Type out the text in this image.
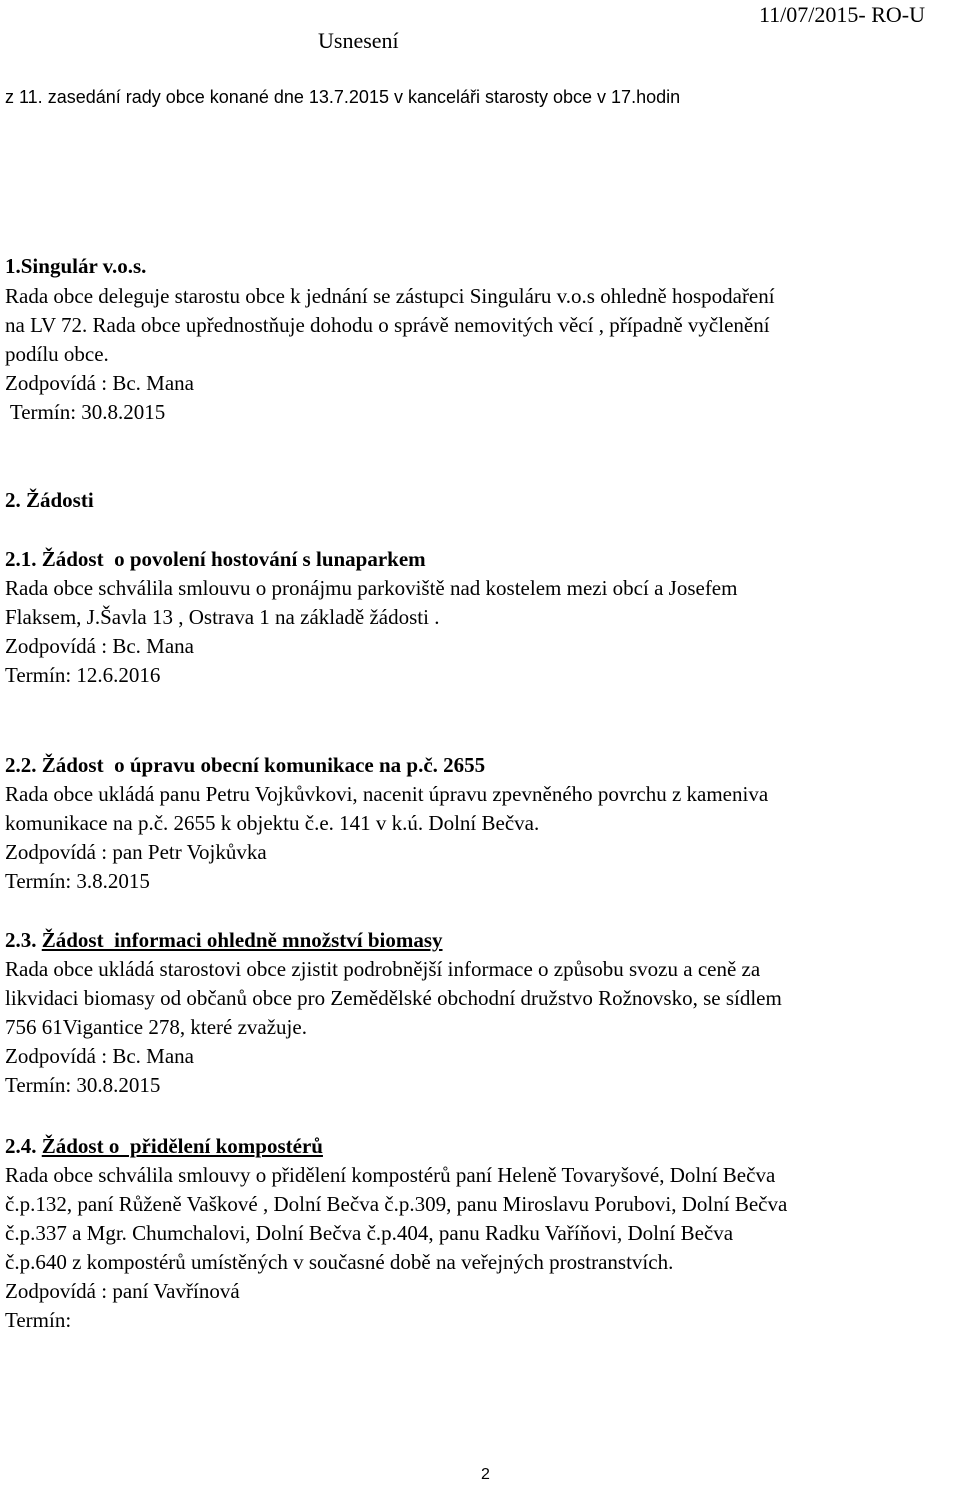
Usnesení
11/07/2015- RO-U
z 11. zasedání rady obce konané dne 13.7.2015 v kanceláři starosty obce v 17.hodin
1.Singulár v.o.s.
Rada obce deleguje starostu obce k jednání se zástupci Singuláru v.o.s ohledně hospodaření
na LV 72. Rada obce upřednostňuje dohodu o správě nemovitých věcí , případně vyčlenění
podílu obce.
Zodpovídá : Bc. Mana
Termín: 30.8.2015
2. Žádosti
2.1. Žádost  o povolení hostování s lunaparkem
Rada obce schválila smlouvu o pronájmu parkoviště nad kostelem mezi obcí a Josefem
Flaksem, J.Šavla 13 , Ostrava 1 na základě žádosti .
Zodpovídá : Bc. Mana
Termín: 12.6.2016
2.2. Žádost  o úpravu obecní komunikace na p.č. 2655
Rada obce ukládá panu Petru Vojkůvkovi, nacenit úpravu zpevněného povrchu z kameniva
komunikace na p.č. 2655 k objektu č.e. 141 v k.ú. Dolní Bečva.
Zodpovídá : pan Petr Vojkůvka
Termín: 3.8.2015
2.3. Žádost  informaci ohledně množství biomasy
Rada obce ukládá starostovi obce zjistit podrobnější informace o způsobu svozu a ceně za
likvidaci biomasy od občanů obce pro Zemědělské obchodní družstvo Rožnovsko, se sídlem
756 61Vigantice 278, které zvažuje.
Zodpovídá : Bc. Mana
Termín: 30.8.2015
2.4. Žádost o  přidělení kompostérů
Rada obce schválila smlouvy o přidělení kompostérů paní Heleně Tovaryšové, Dolní Bečva
č.p.132, paní Růženě Vaškové , Dolní Bečva č.p.309, panu Miroslavu Porubovi, Dolní Bečva
č.p.337 a Mgr. Chumchalovi, Dolní Bečva č.p.404, panu Radku Vaříňovi, Dolní Bečva
č.p.640 z kompostérů umístěných v současné době na veřejných prostranstvích.
Zodpovídá : paní Vavřínová
Termín:
2
